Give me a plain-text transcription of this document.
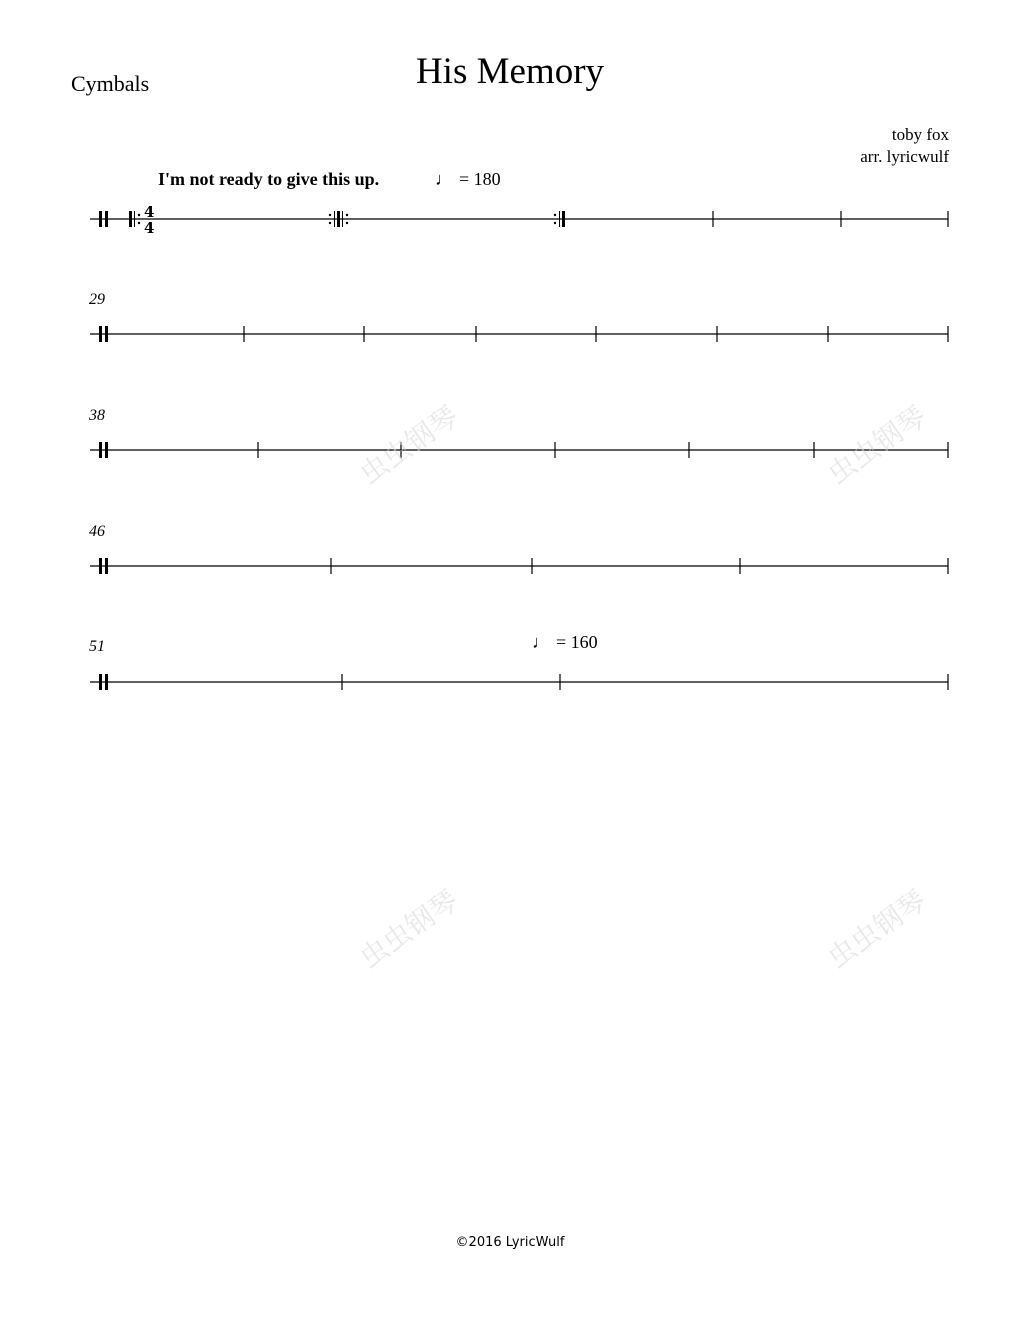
His Memory
Cymbals
toby fox
arr. lyricwulf
I'm not ready to give this up.	♩ = 180
♩ = 160
29
38
46
51
4
4
虫虫钢琴	虫虫钢琴
虫虫钢琴	虫虫钢琴
©2016 LyricWulf
